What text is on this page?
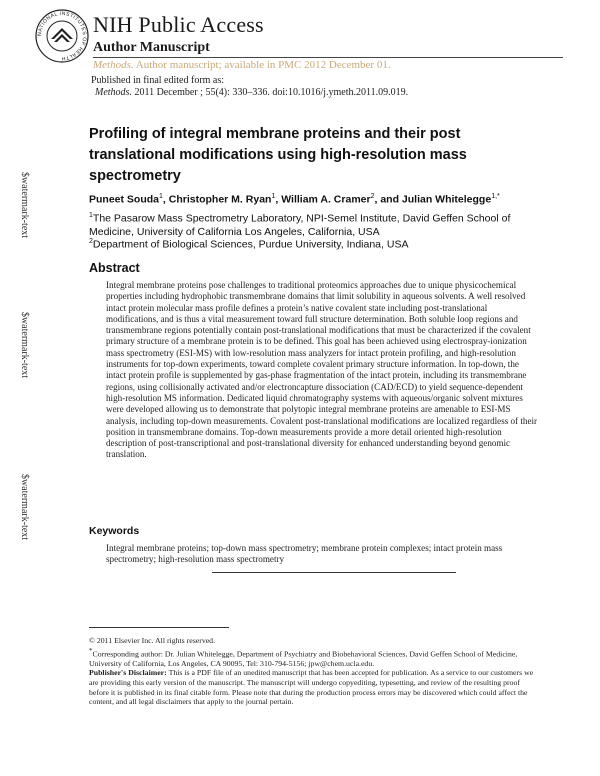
NATIONAL INSTITUTES OF HEALTH
NIH Public Access
Author Manuscript
Methods. Author manuscript; available in PMC 2012 December 01.
Published in final edited form as:
Methods. 2011 December ; 55(4): 330–336. doi:10.1016/j.ymeth.2011.09.019.
Profiling of integral membrane proteins and their post translational modifications using high-resolution mass spectrometry
Puneet Souda$^1$, Christopher M. Ryan$^1$, William A. Cramer$^2$, and Julian Whitelegge$^{1,*}$
$^1$The Pasarow Mass Spectrometry Laboratory, NPI-Semel Institute, David Geffen School of Medicine, University of California Los Angeles, California, USA
$^2$Department of Biological Sciences, Purdue University, Indiana, USA
Abstract
Integral membrane proteins pose challenges to traditional proteomics approaches due to unique physicochemical properties including hydrophobic transmembrane domains that limit solubility in aqueous solvents. A well resolved intact protein molecular mass profile defines a protein’s native covalent state including post-translational modifications, and is thus a vital measurement toward full structure determination. Both soluble loop regions and transmembrane regions potentially contain post-translational modifications that must be characterized if the covalent primary structure of a membrane protein is to be defined. This goal has been achieved using electrospray-ionization mass spectrometry (ESI-MS) with low-resolution mass analyzers for intact protein profiling, and high-resolution instruments for top-down experiments, toward complete covalent primary structure information. In top-down, the intact protein profile is supplemented by gas-phase fragmentation of the intact protein, including its transmembrane regions, using collisionally activated and/or electroncapture dissociation (CAD/ECD) to yield sequence-dependent high-resolution MS information. Dedicated liquid chromatography systems with aqueous/organic solvent mixtures were developed allowing us to demonstrate that polytopic integral membrane proteins are amenable to ESI-MS analysis, including top-down measurements. Covalent post-translational modifications are localized regardless of their position in transmembrane domains. Top-down measurements provide a more detail oriented high-resolution description of post-transcriptional and post-translational diversity for enhanced understanding beyond genomic translation.
Keywords
Integral membrane proteins; top-down mass spectrometry; membrane protein complexes; intact protein mass spectrometry; high-resolution mass spectrometry
© 2011 Elsevier Inc. All rights reserved.
*Corresponding author: Dr. Julian Whitelegge, Department of Psychiatry and Biobehavioral Sciences, David Geffen School of Medicine, University of California, Los Angeles, CA 90095, Tel: 310-794-5156; jpw@chem.ucla.edu.
Publisher's Disclaimer: This is a PDF file of an unedited manuscript that has been accepted for publication. As a service to our customers we are providing this early version of the manuscript. The manuscript will undergo copyediting, typesetting, and review of the resulting proof before it is published in its final citable form. Please note that during the production process errors may be discovered which could affect the content, and all legal disclaimers that apply to the journal pertain.
$watermark-text
$watermark-text
$watermark-text
